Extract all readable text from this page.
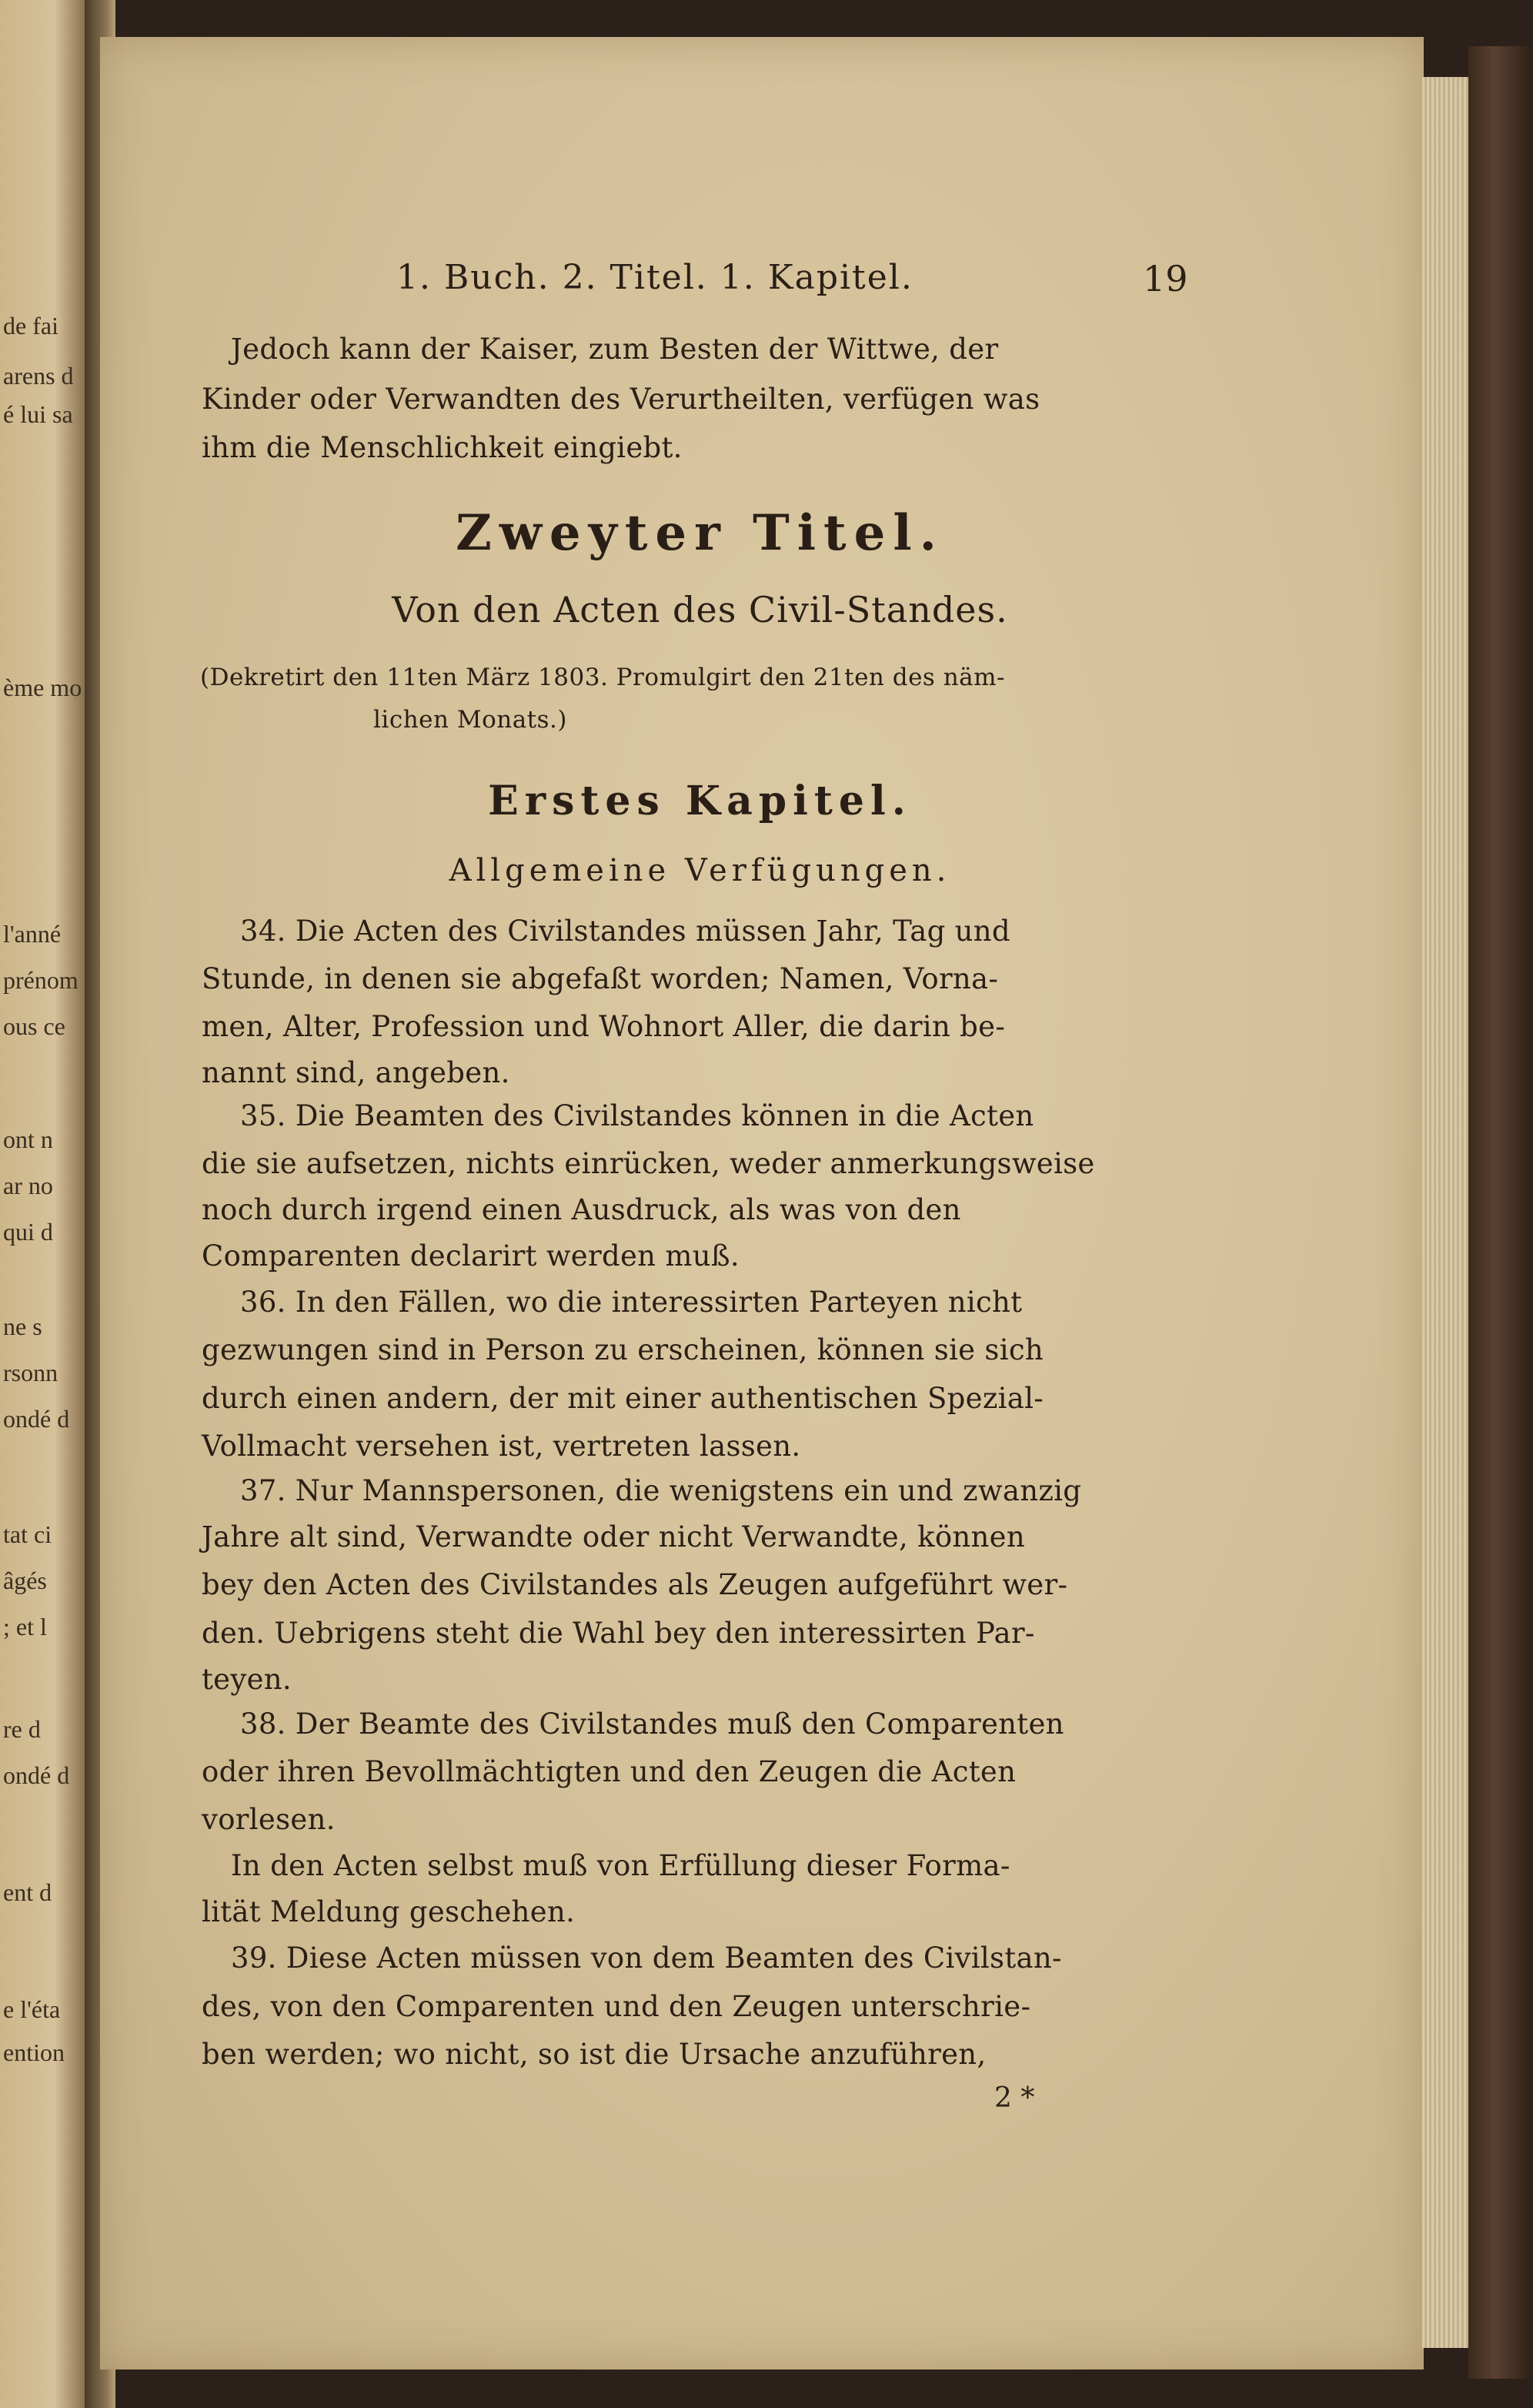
de fai
arens d
é lui sa
ème mo
l'anné
prénom
ous ce
ont n
ar no
qui d
ne s
rsonn
ondé d
tat ci
âgés
; et l
re d
ondé d
ent d
e l'éta
ention
1. Buch. 2. Titel. 1. Kapitel.	19
Jedoch kann der Kaiser, zum Besten der Wittwe, der
Kinder oder Verwandten des Verurtheilten, verfügen was
ihm die Menschlichkeit eingiebt.
Zweyter Titel.
Von den Acten des Civil-Standes.
(Dekretirt den 11ten März 1803. Promulgirt den 21ten des näm-
lichen Monats.)
Erstes Kapitel.
Allgemeine Verfügungen.
34. Die Acten des Civilstandes müssen Jahr, Tag und
Stunde, in denen sie abgefaßt worden; Namen, Vorna-
men, Alter, Profession und Wohnort Aller, die darin be-
nannt sind, angeben.
35. Die Beamten des Civilstandes können in die Acten
die sie aufsetzen, nichts einrücken, weder anmerkungsweise
noch durch irgend einen Ausdruck, als was von den
Comparenten declarirt werden muß.
36. In den Fällen, wo die interessirten Parteyen nicht
gezwungen sind in Person zu erscheinen, können sie sich
durch einen andern, der mit einer authentischen Spezial-
Vollmacht versehen ist, vertreten lassen.
37. Nur Mannspersonen, die wenigstens ein und zwanzig
Jahre alt sind, Verwandte oder nicht Verwandte, können
bey den Acten des Civilstandes als Zeugen aufgeführt wer-
den. Uebrigens steht die Wahl bey den interessirten Par-
teyen.
38. Der Beamte des Civilstandes muß den Comparenten
oder ihren Bevollmächtigten und den Zeugen die Acten
vorlesen.
In den Acten selbst muß von Erfüllung dieser Forma-
lität Meldung geschehen.
39. Diese Acten müssen von dem Beamten des Civilstan-
des, von den Comparenten und den Zeugen unterschrie-
ben werden; wo nicht, so ist die Ursache anzuführen,
2 *
